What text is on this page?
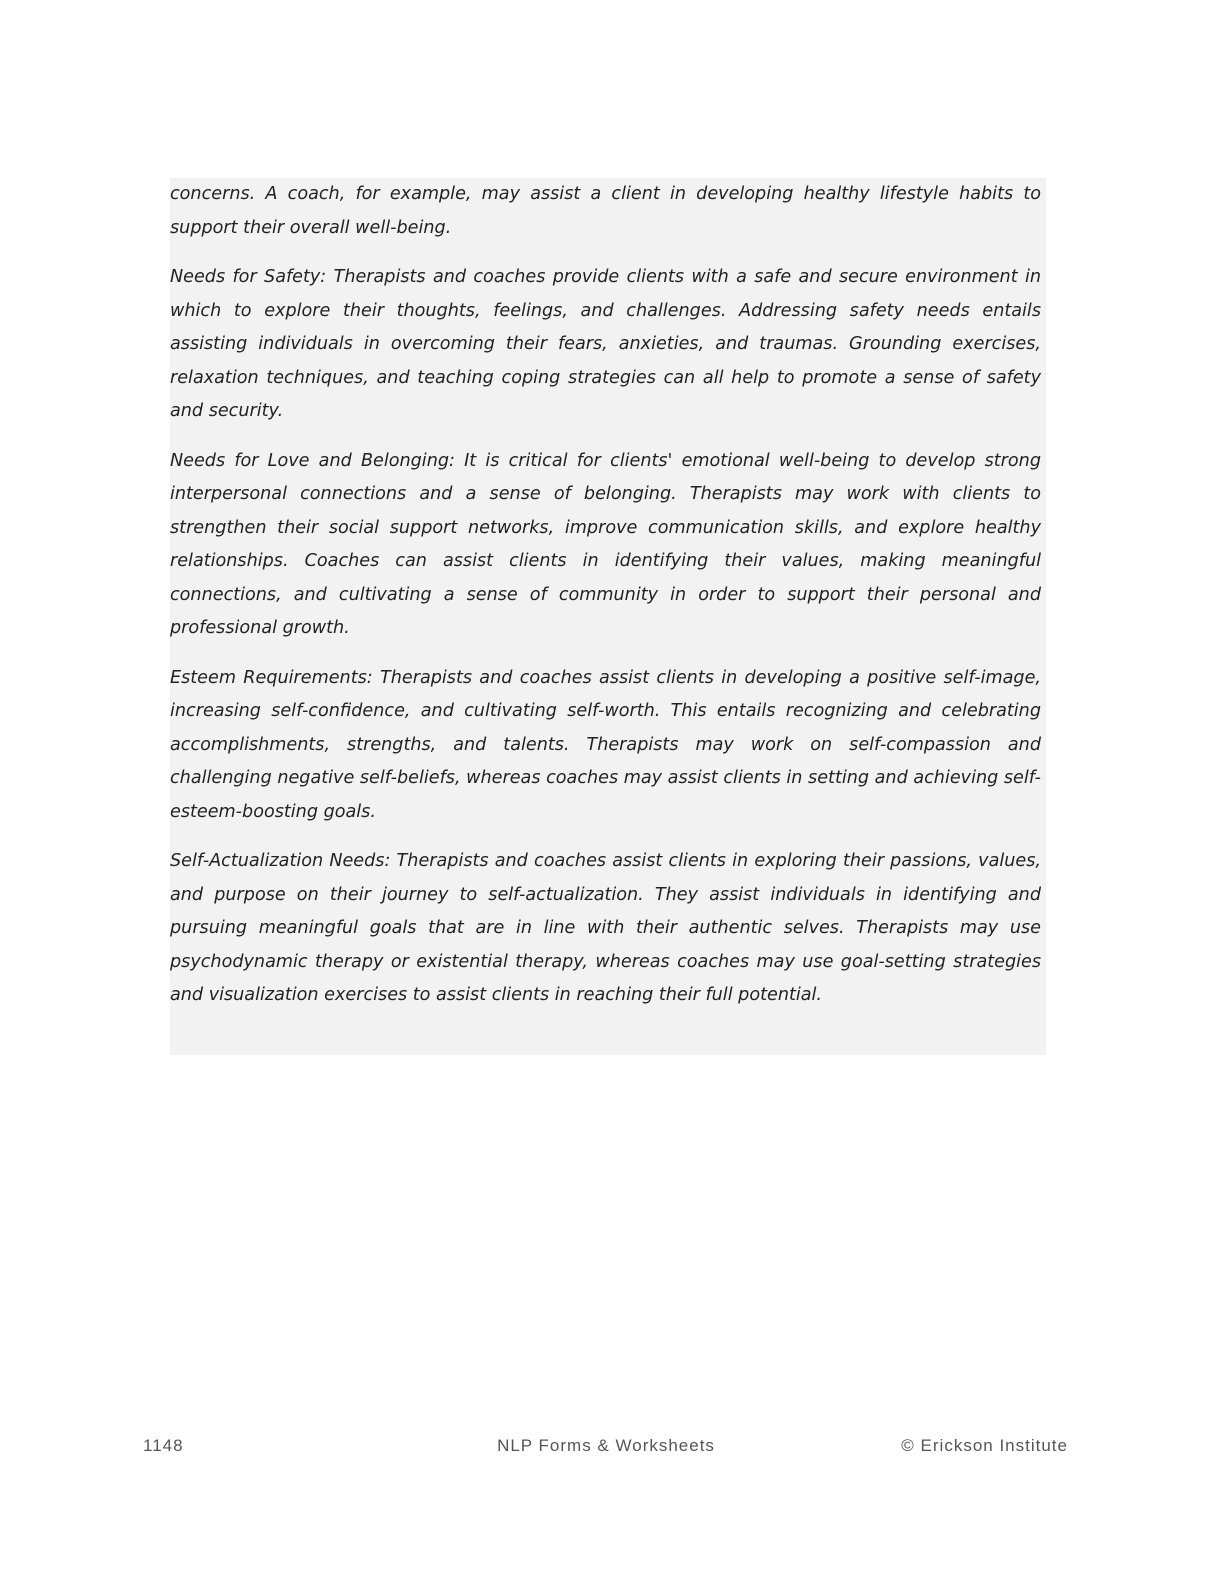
concerns. A coach, for example, may assist a client in developing healthy lifestyle habits to support their overall well-being.

Needs for Safety: Therapists and coaches provide clients with a safe and secure environment in which to explore their thoughts, feelings, and challenges. Addressing safety needs entails assisting individuals in overcoming their fears, anxieties, and traumas. Grounding exercises, relaxation techniques, and teaching coping strategies can all help to promote a sense of safety and security.

Needs for Love and Belonging: It is critical for clients' emotional well-being to develop strong interpersonal connections and a sense of belonging. Therapists may work with clients to strengthen their social support networks, improve communication skills, and explore healthy relationships. Coaches can assist clients in identifying their values, making meaningful connections, and cultivating a sense of community in order to support their personal and professional growth.

Esteem Requirements: Therapists and coaches assist clients in developing a positive self-image, increasing self-confidence, and cultivating self-worth. This entails recognizing and celebrating accomplishments, strengths, and talents. Therapists may work on self-compassion and challenging negative self-beliefs, whereas coaches may assist clients in setting and achieving self-esteem-boosting goals.

Self-Actualization Needs: Therapists and coaches assist clients in exploring their passions, values, and purpose on their journey to self-actualization. They assist individuals in identifying and pursuing meaningful goals that are in line with their authentic selves. Therapists may use psychodynamic therapy or existential therapy, whereas coaches may use goal-setting strategies and visualization exercises to assist clients in reaching their full potential.

1148	NLP Forms & Worksheets	© Erickson Institute
